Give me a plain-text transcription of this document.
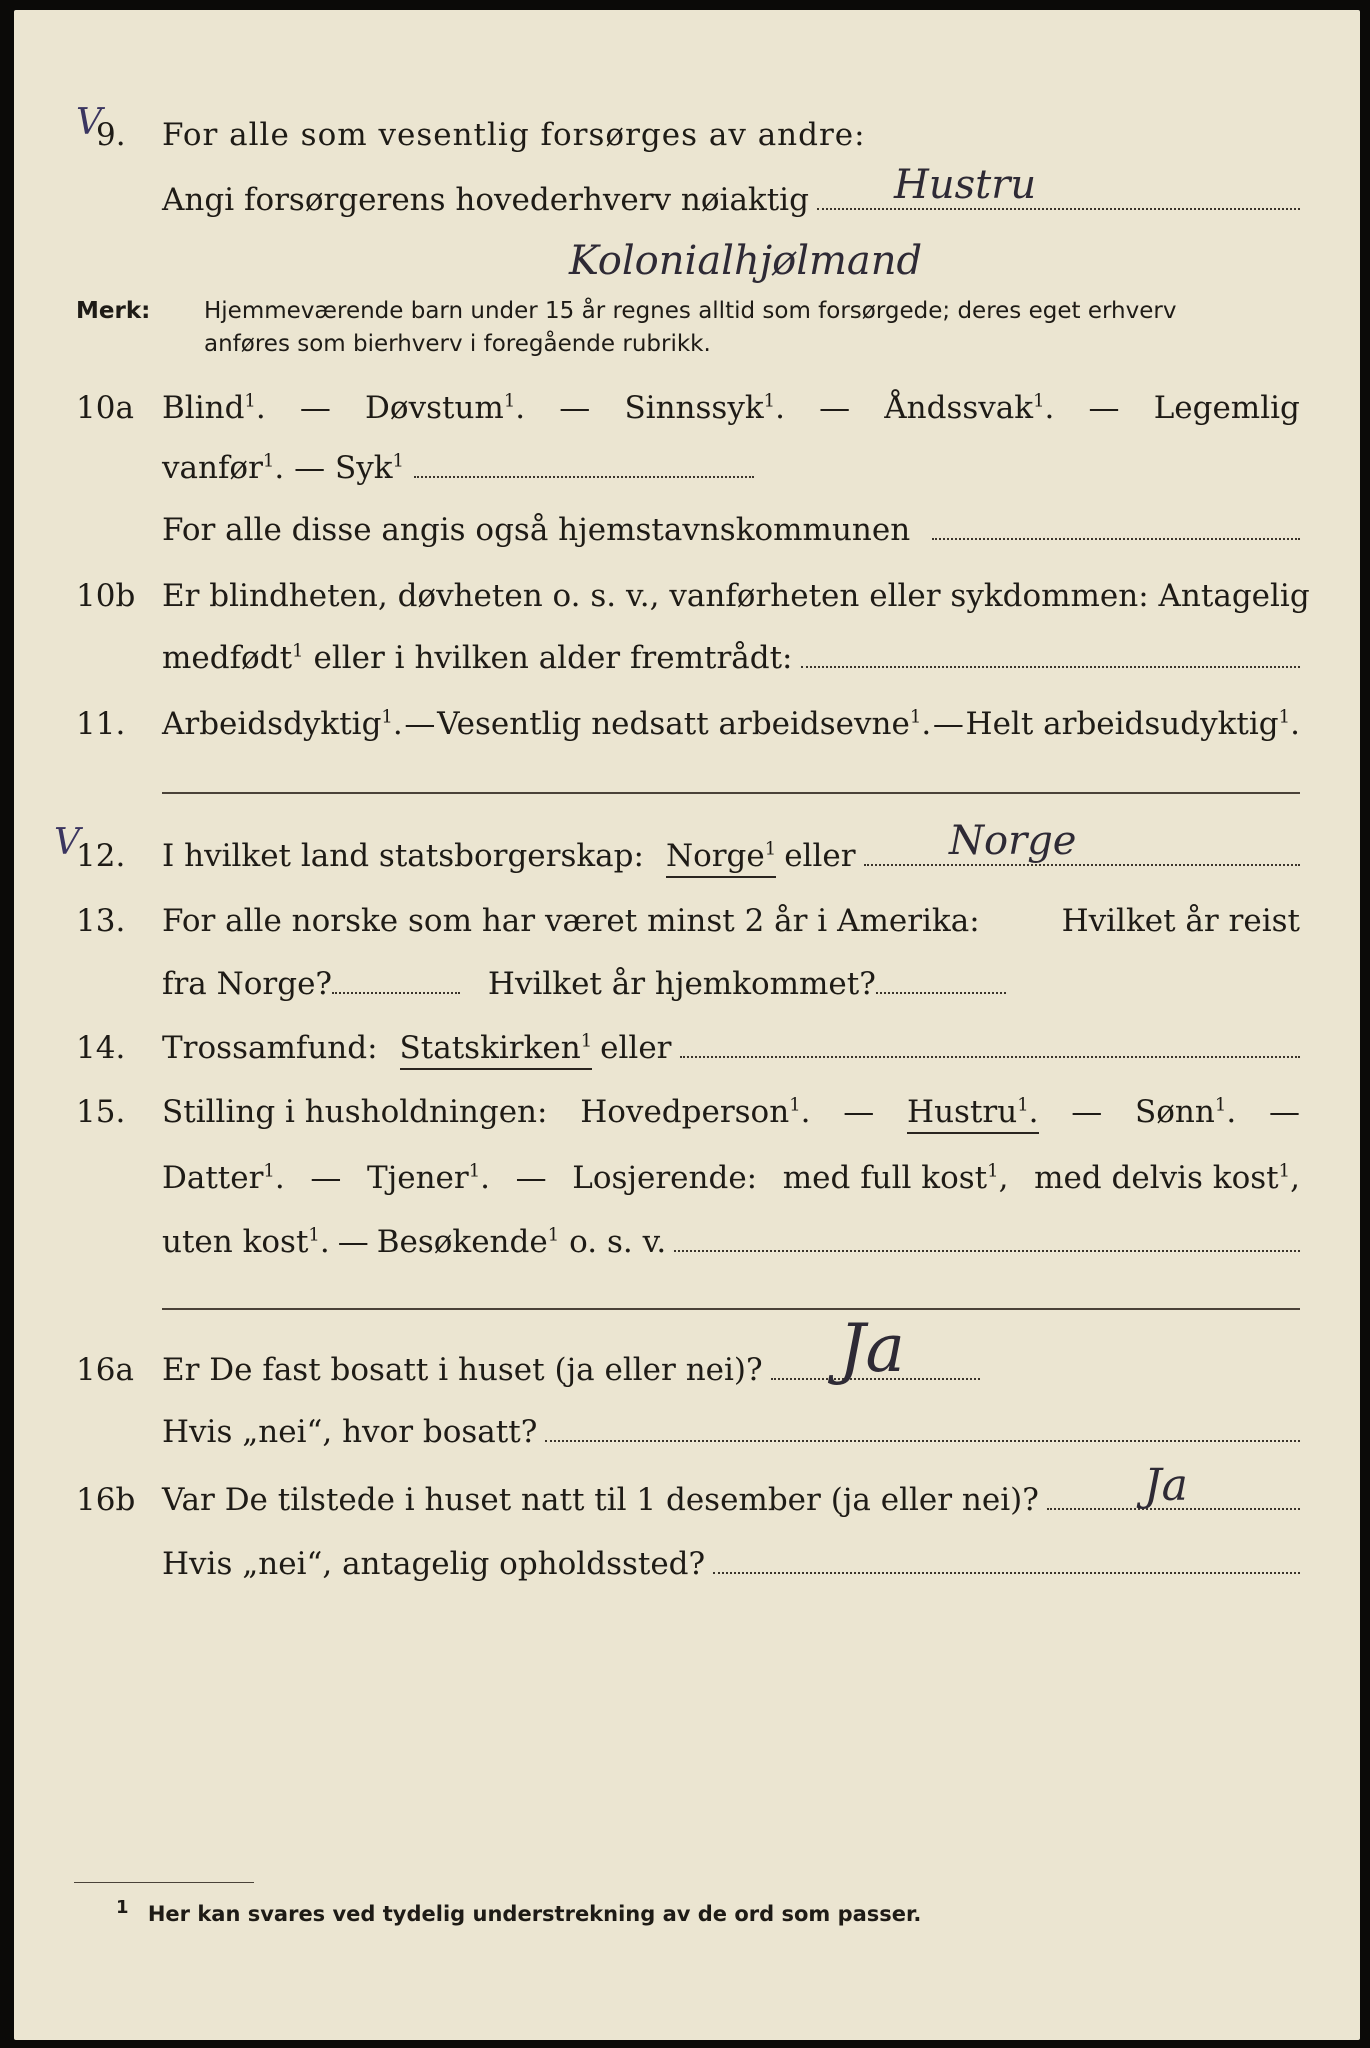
V
9. For alle som vesentlig forsørges av andre:
Angi forsørgerens hovederhverv nøiaktig Hustru
Kolonialhjølmand
Merk: Hjemmeværende barn under 15 år regnes alltid som forsørgede; deres eget erhverv
anføres som bierhverv i foregående rubrikk.
10a Blind$^1$. — Døvstum$^1$. — Sinnssyk$^1$. — Åndssvak$^1$. — Legemlig
vanfør$^1$. — Syk$^1$
For alle disse angis også hjemstavnskommunen
10b Er blindheten, døvheten o. s. v., vanførheten eller sykdommen: Antagelig
medfødt$^1$ eller i hvilken alder fremtrådt:
11. Arbeidsdyktig$^1$. — Vesentlig nedsatt arbeidsevne$^1$. — Helt arbeidsudyktig$^1$.
V
12. I hvilket land statsborgerskap: Norge$^1$ eller Norge
13. For alle norske som har været minst 2 år i Amerika:	Hvilket år reist
fra Norge?	Hvilket år hjemkommet?
14. Trossamfund: Statskirken$^1$ eller
15. Stilling i husholdningen: Hovedperson$^1$. — Hustru$^1$. — Sønn$^1$. —
Datter$^1$. — Tjener$^1$. — Losjerende: med full kost$^1$, med delvis kost$^1$,
uten kost$^1$. — Besøkende$^1$ o. s. v.
16a Er De fast bosatt i huset (ja eller nei)? Ja
Hvis „nei“, hvor bosatt?
16b Var De tilstede i huset natt til 1 desember (ja eller nei)? Ja
Hvis „nei“, antagelig opholdssted?
1 Her kan svares ved tydelig understrekning av de ord som passer.
